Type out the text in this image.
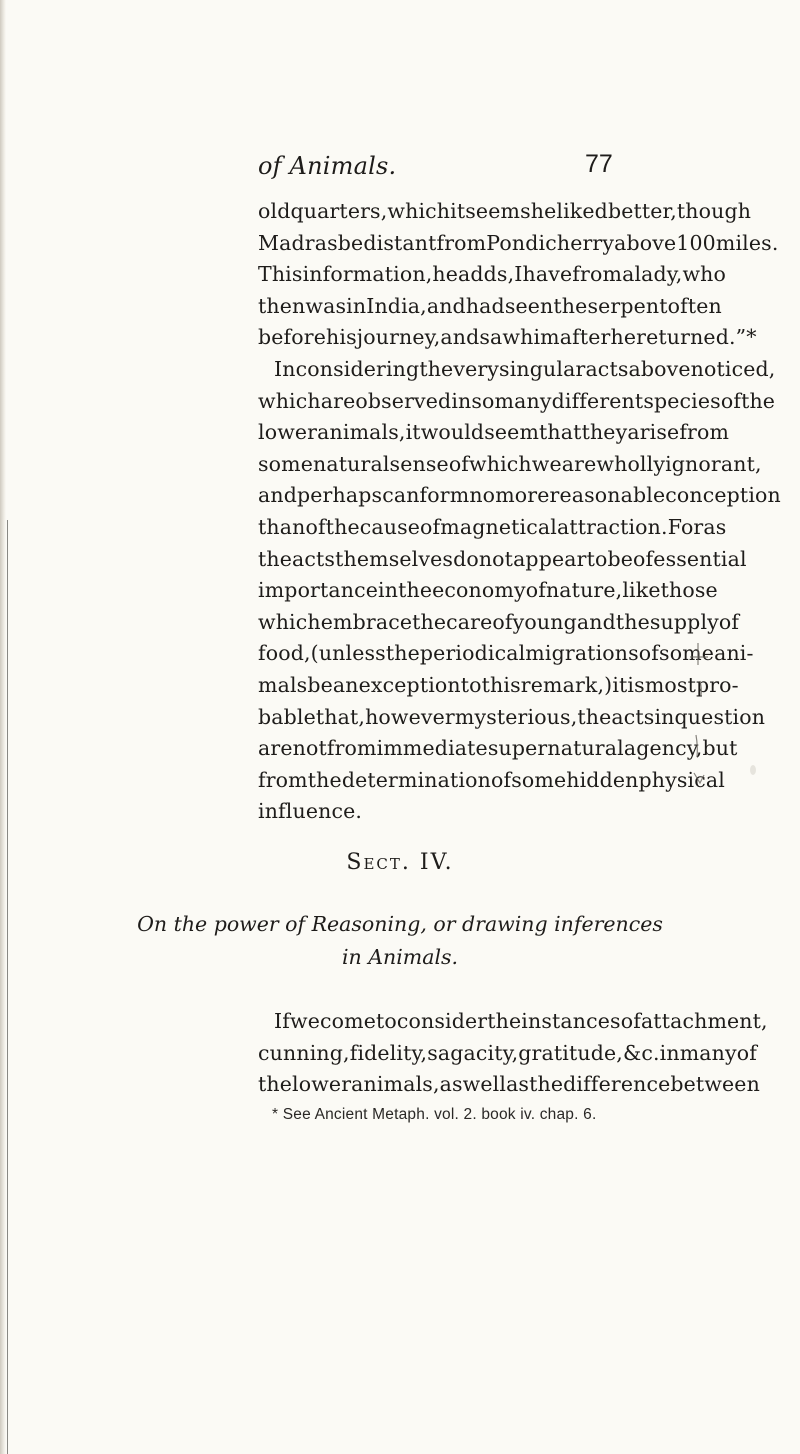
of Animals.	77
old quarters, which it seems he liked better, though
Madras be distant from Pondicherry above 100 miles.
This information, he adds, I have from a lady, who
then was in India, and had seen the serpent often
before his journey, and saw him after he returned.”*
In considering the very singular acts above noticed,
which are observed in so many different species of the
lower animals, it would seem that they arise from
some natural sense of which we are wholly ignorant,
and perhaps can form no more reasonable conception
than of the cause of magnetical attraction. For as
the acts themselves do not appear to be of essential
importance in the economy of nature, like those
which embrace the care of young and the supply of
food, (unless the periodical migrations of some ani-
mals be an exception to this remark,) it is most pro-
bable that, however mysterious, the acts in question
are not from immediate supernatural agency, but
from the determination of some hidden physical
influence.
Sect. IV.
On the power of Reasoning, or drawing inferences
in Animals.
If we come to consider the instances of attachment,
cunning, fidelity, sagacity, gratitude, &c. in many of
the lower animals, as well as the difference between
* See Ancient Metaph. vol. 2. book iv. chap. 6.
